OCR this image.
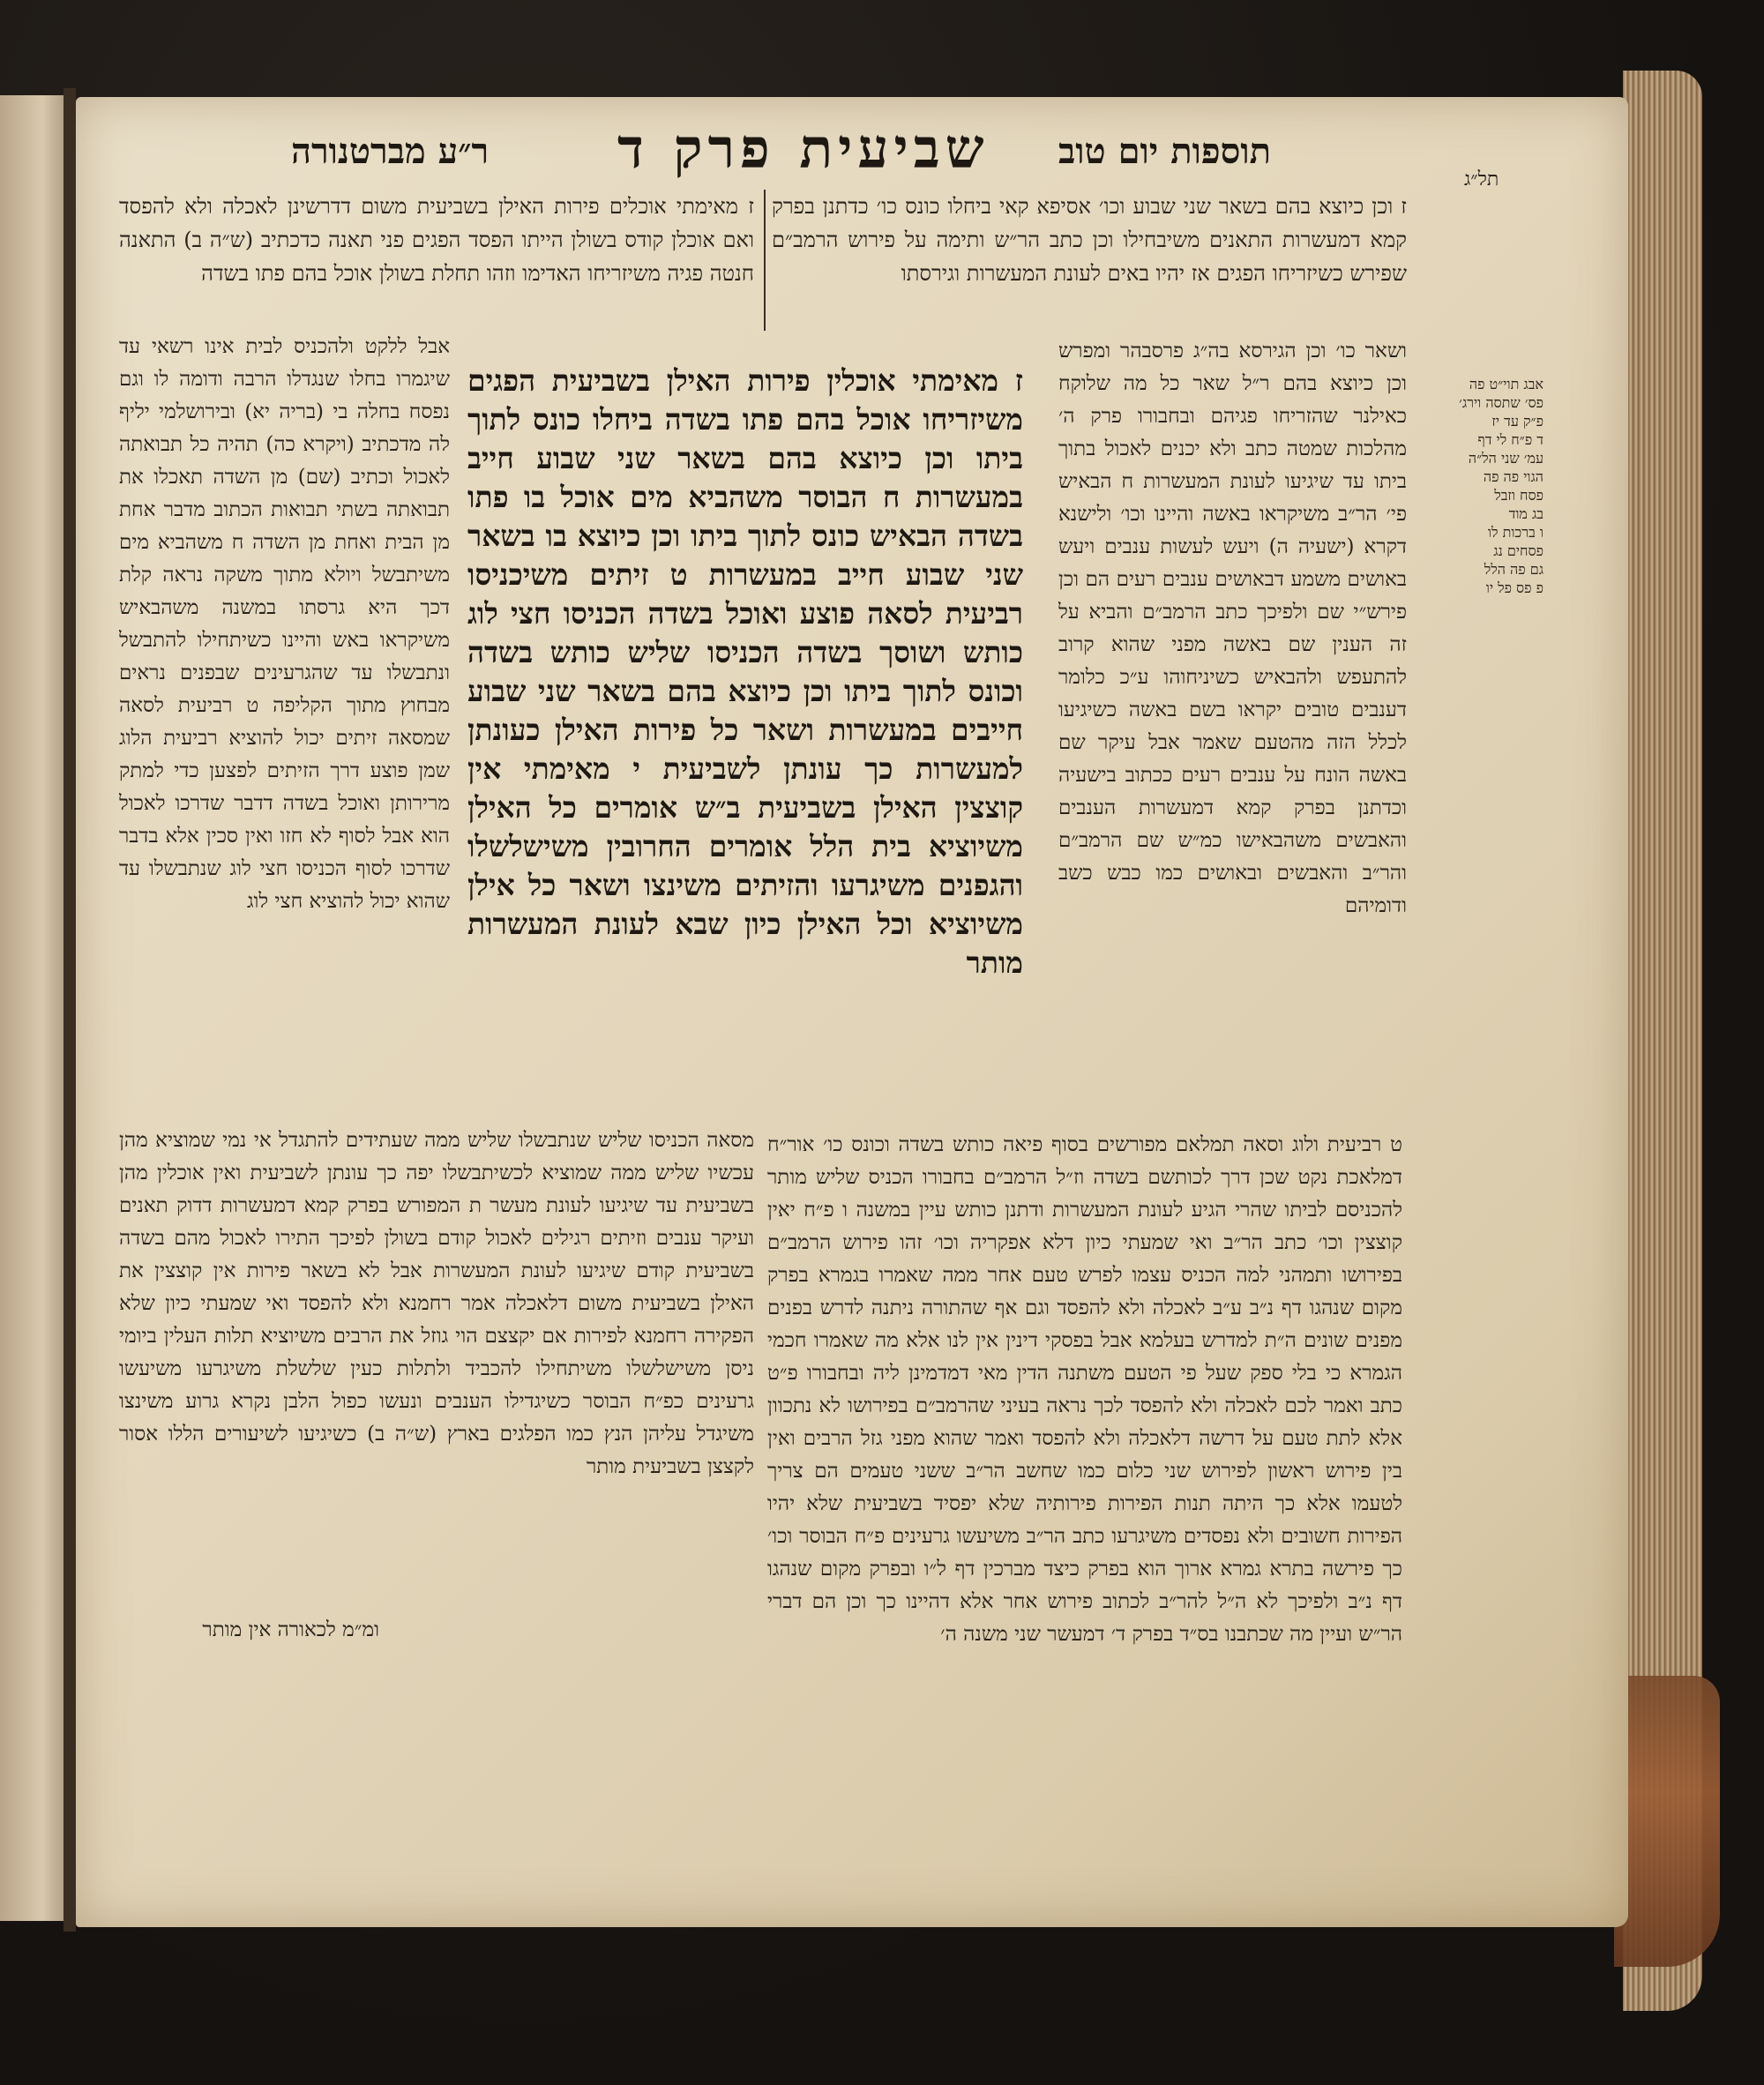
ר״ע מברטנורה שביעית פרק ד תוספות יום טוב
תל״ג
ז מאימתי אוכלים פירות האילן בשביעית משום דדרשינן לאכלה ולא להפסד ואם אוכלן קודס בשולן הייתו הפסד הפגים פני תאנה כדכתיב (ש״ה ב) התאנה חנטה פגיה משיזריחו האדימו וזהו תחלת בשולן אוכל בהם פתו בשדה
ז וכן כיוצא בהם בשאר שני שבוע וכו׳ אסיפא קאי ביחלו כונס כו׳ כדתנן בפרק קמא דמעשרות התאנים משיבחילו וכן כתב הר״ש ותימה על פירוש הרמב״ם שפירש כשיזריחו הפגים אז יהיו באים לעונת המעשרות וגירסתו
אבל ללקט ולהכניס לבית אינו רשאי עד שיגמרו בחלו שנגדלו הרבה ודומה לו וגם נפסח בחלה בי (בריה יא) ובירושלמי יליף לה מדכתיב (ויקרא כה) תהיה כל תבואתה לאכול וכתיב (שם) מן השדה תאכלו את תבואתה בשתי תבואות הכתוב מדבר אחת מן הבית ואחת מן השדה ח משהביא מים משיתבשל ויולא מתוך משקה נראה קלת דכך היא גרסתו במשנה משהבאיש משיקראו באש והיינו כשיתחילו להתבשל ונתבשלו עד שהגרעינים שבפנים נראים מבחוץ מתוך הקליפה ט רביעית לסאה שמסאה זיתים יכול להוציא רביעית הלוג שמן פוצע דרך הזיתים לפצען כדי למתק מרירותן ואוכל בשדה דדבר שדרכו לאכול הוא אבל לסוף לא חזו ואין סכין אלא בדבר שדרכו לסוף הכניסו חצי לוג שנתבשלו עד שהוא יכול להוציא חצי לוג
ז מאימתי אוכלין פירות האילן בשביעית הפגים משיזריחו אוכל בהם פתו בשדה ביחלו כונס לתוך ביתו וכן כיוצא בהם בשאר שני שבוע חייב במעשרות ח הבוסר משהביא מים אוכל בו פתו בשדה הבאיש כונס לתוך ביתו וכן כיוצא בו בשאר שני שבוע חייב במעשרות ט זיתים משיכניסו רביעית לסאה פוצע ואוכל בשדה הכניסו חצי לוג כותש ושוסך בשדה הכניסו שליש כותש בשדה וכונס לתוך ביתו וכן כיוצא בהם בשאר שני שבוע חייבים במעשרות ושאר כל פירות האילן כעונתן למעשרות כך עונתן לשביעית י מאימתי אין קוצצין האילן בשביעית ב״ש אומרים כל האילן משיוציא בית הלל אומרים החרובין משישלשלו והגפנים משיגרעו והזיתים משינצו ושאר כל אילן משיוציא וכל האילן כיון שבא לעונת המעשרות מותר
ושאר כו׳ וכן הגירסא בה״ג פרסבהר ומפרש וכן כיוצא בהם ר״ל שאר כל מה שלוקח כאילנר שהזריחו פגיהם ובחבורו פרק ה׳ מהלכות שמטה כתב ולא יכנים לאכול בתוך ביתו עד שיגיעו לעונת המעשרות ח הבאיש פי׳ הר״ב משיקראו באשה והיינו וכו׳ ולישנא דקרא (ישעיה ה) ויעש לעשות ענבים ויעש באושים משמע דבאושים ענבים רעים הם וכן פירש״י שם ולפיכך כתב הרמב״ם והביא על זה הענין שם באשה מפני שהוא קרוב להתעפש ולהבאיש כשיניחוהו ע״כ כלומר דענבים טובים יקראו בשם באשה כשיגיעו לכלל הזה מהטעם שאמר אבל עיקר שם באשה הונח על ענבים רעים ככתוב בישעיה וכדתנן בפרק קמא דמעשרות הענבים והאבשים משהבאישו כמ״ש שם הרמב״ם והר״ב והאבשים ובאושים כמו כבש כשב ודומיהם
אבג תוי״ט פה
פס׳ שתסה וירג׳
פ״ק עד יז
ד פ״ח לי דף
עמ׳ שני הל״ה
הגוי פה פה
פסח וזבל
בג מוד
ו ברכות לו
פסחים נג
גם פה הלל
פ פס פל יו
מסאה הכניסו שליש שנתבשלו שליש ממה שעתידים להתגדל אי נמי שמוציא מהן עכשיו שליש ממה שמוציא לכשיתבשלו יפה כך עונתן לשביעית ואין אוכלין מהן בשביעית עד שיגיעו לעונת מעשר ת המפורש בפרק קמא דמעשרות דדוק תאנים ועיקר ענבים וזיתים רגילים לאכול קודם בשולן לפיכך התירו לאכול מהם בשדה בשביעית קודם שיגיעו לעונת המעשרות אבל לא בשאר פירות אין קוצצין את האילן בשביעית משום דלאכלה אמר רחמנא ולא להפסד ואי שמעתי כיון שלא הפקירה רחמנא לפירות אם יקצצם הוי גוזל את הרבים משיוציא תלות העלין ביומי ניסן משישלשלו משיתחילו להכביד ולתלות כעין שלשלת משיגרעו משיעשו גרעינים כפ״ח הבוסר כשיגדילו הענבים ונעשו כפול הלבן נקרא גרוע משינצו משיגדל עליהן הנץ כמו הפלגים בארץ (ש״ה ב) כשיגיעו לשיעורים הללו אסור לקצצן בשביעית מותר
ט רביעית ולוג וסאה תמלאם מפורשים בסוף פיאה כותש בשדה וכונס כו׳ אור״ח דמלאכת נקט שכן דרך לכותשם בשדה וז״ל הרמב״ם בחבורו הכניס שליש מותר להכניסם לביתו שהרי הגיע לעונת המעשרות ודתנן כותש עיין במשנה ו פ״ח יאין קוצצין וכו׳ כתב הר״ב ואי שמעתי כיון דלא אפקריה וכו׳ זהו פירוש הרמב״ם בפירושו ותמהני למה הכניס עצמו לפרש טעם אחר ממה שאמרו בגמרא בפרק מקום שנהגו דף נ״ב ע״ב לאכלה ולא להפסד וגם אף שהתורה ניתנה לדרש בפנים מפנים שונים ה״ת למדרש בעלמא אבל בפסקי דינין אין לנו אלא מה שאמרו חכמי הגמרא כי בלי ספק שעל פי הטעם משתנה הדין מאי דמדמינן ליה ובחבורו פ״ט כתב ואמר לכם לאכלה ולא להפסד לכך נראה בעיני שהרמב״ם בפירושו לא נתכוון אלא לתת טעם על דרשה דלאכלה ולא להפסד ואמר שהוא מפני גזל הרבים ואין בין פירוש ראשון לפירוש שני כלום כמו שחשב הר״ב ששני טעמים הם צריך לטעמו אלא כך היתה תנות הפירות פירותיה שלא יפסיד בשביעית שלא יהיו הפירות חשובים ולא נפסדים משיגרעו כתב הר״ב משיעשו גרעינים פ״ח הבוסר וכו׳ כך פירשה בתרא גמרא ארוך הוא בפרק כיצד מברכין דף ל״ו ובפרק מקום שנהגו דף נ״ב ולפיכך לא ה״ל להר״ב לכתוב פירוש אחר אלא דהיינו כך וכן הם דברי הר״ש ועיין מה שכתבנו בס״ד בפרק ד׳ דמעשר שני משנה ה׳
ומ״מ לכאורה אין מותר
